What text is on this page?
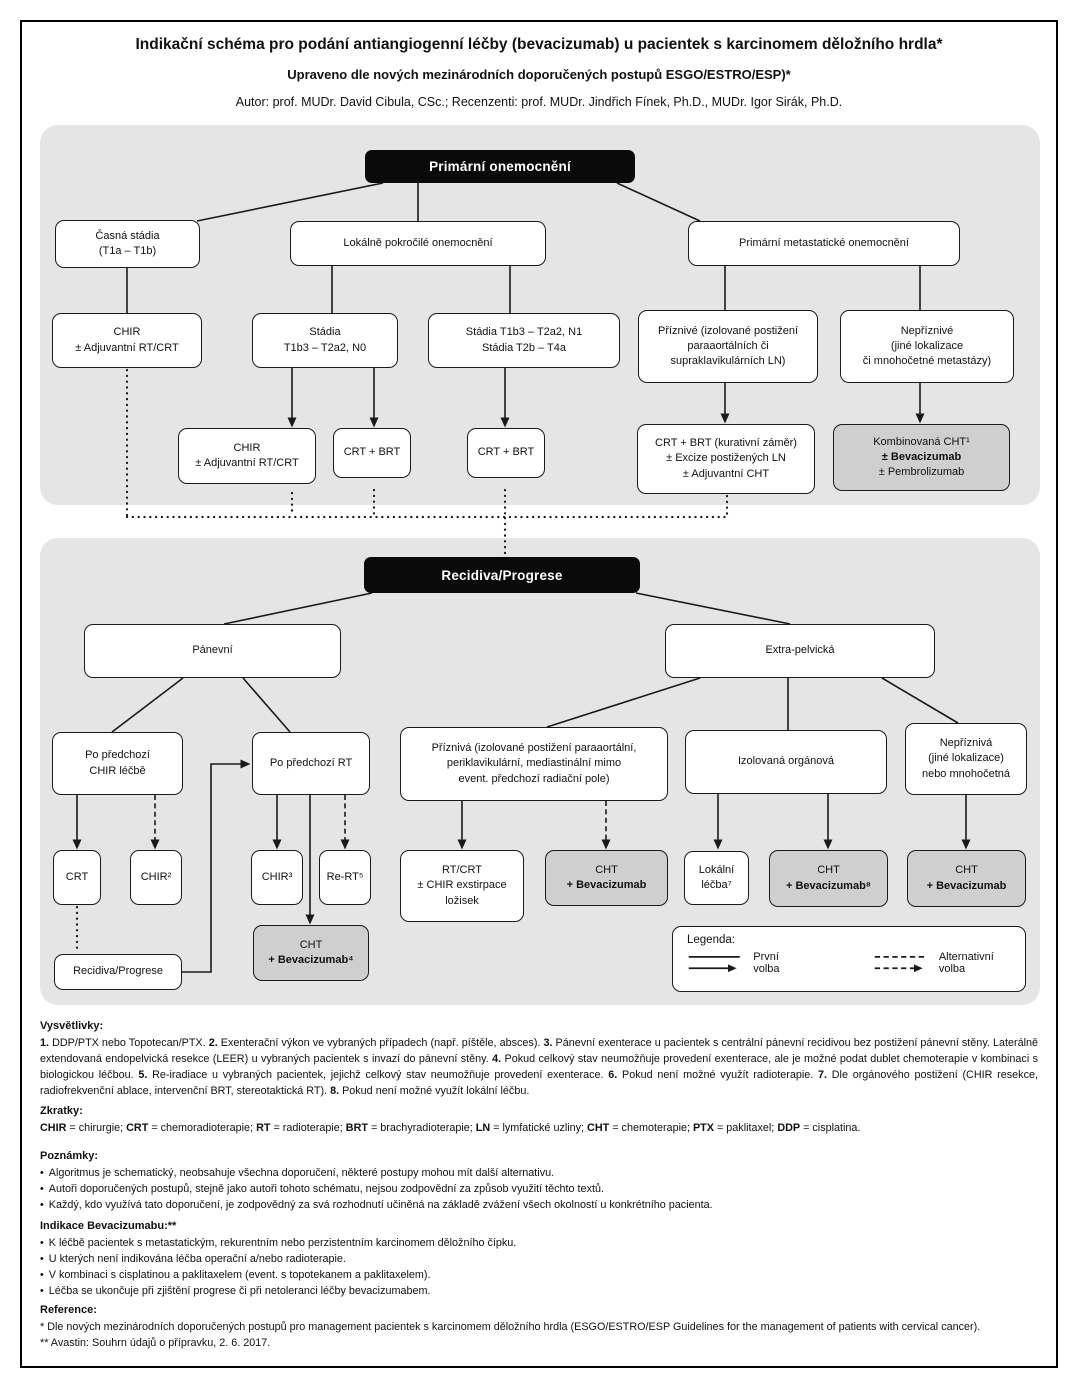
Indikační schéma pro podání antiangiogenní léčby (bevacizumab) u pacientek s karcinomem děložního hrdla*
Upraveno dle nových mezinárodních doporučených postupů ESGO/ESTRO/ESP)*
Autor: prof. MUDr. David Cibula, CSc.; Recenzenti: prof. MUDr. Jindřich Fínek, Ph.D., MUDr. Igor Sirák, Ph.D.
Primární onemocnění
Časná stádia
(T1a – T1b)
Lokálně pokročilé onemocnění	Primární metastatické onemocnění
CHIR
± Adjuvantní RT/CRT
Stádia
T1b3 – T2a2, N0
Stádia T1b3 – T2a2, N1
Stádia T2b – T4a
Příznivé (izolované postižení
paraaortálních či
supraklavikulárních LN)
Nepříznivé
(jiné lokalizace
či mnohočetné metastázy)
CHIR
± Adjuvantní RT/CRT
CRT + BRT	CRT + BRT
CRT + BRT (kurativní záměr)
± Excize postižených LN
± Adjuvantní CHT
Kombinovaná CHT¹
± Bevacizumab
± Pembrolizumab
Recidiva/Progrese
Pánevní	Extra-pelvická
Po předchozí
CHIR léčbě
Po předchozí RT
Příznivá (izolované postižení paraaortální,
periklavikulární, mediastinální mimo
event. předchozí radiační pole)
Izolovaná orgánová
Nepříznivá
(jiné lokalizace)
nebo mnohočetná
CRT	CHIR²	CHIR³	Re-RT⁵
CHT
+ Bevacizumab⁴
RT/CRT
± CHIR exstirpace
ložisek
CHT
+ Bevacizumab
Lokální
léčba⁷
CHT
+ Bevacizumab⁸
CHT
+ Bevacizumab
Recidiva/Progrese
Legenda:
První volba
Alternativní volba
Vysvětlivky:

1. DDP/PTX nebo Topotecan/PTX. 2. Exenterační výkon ve vybraných případech (např. píštěle, absces). 3. Pánevní exenterace u pacientek s centrální pánevní recidivou bez postižení pánevní stěny. Laterálně extendovaná endopelvická resekce (LEER) u vybraných pacientek s invazí do pánevní stěny. 4. Pokud celkový stav neumožňuje provedení exenterace, ale je možné podat dublet chemoterapie v kombinaci s biologickou léčbou. 5. Re-iradiace u vybraných pacientek, jejichž celkový stav neumožňuje provedení exenterace. 6. Pokud není možné využít radioterapie. 7. Dle orgánového postižení (CHIR resekce, radiofrekvenční ablace, intervenční BRT, stereotaktická RT). 8. Pokud není možné využít lokální léčbu.

Zkratky:

CHIR = chirurgie; CRT = chemoradioterapie; RT = radioterapie; BRT = brachyradioterapie; LN = lymfatické uzliny; CHT = chemoterapie; PTX = paklitaxel; DDP = cisplatina.

Poznámky:
• Algoritmus je schematický, neobsahuje všechna doporučení, některé postupy mohou mít další alternativu.
• Autoři doporučených postupů, stejně jako autoři tohoto schématu, nejsou zodpovědní za způsob využití těchto textů.
• Každý, kdo využívá tato doporučení, je zodpovědný za svá rozhodnutí učiněná na základě zvážení všech okolností u konkrétního pacienta.
Indikace Bevacizumabu:**
• K léčbě pacientek s metastatickým, rekurentním nebo perzistentním karcinomem děložního čípku.
• U kterých není indikována léčba operační a/nebo radioterapie.
• V kombinaci s cisplatinou a paklitaxelem (event. s topotekanem a paklitaxelem).
• Léčba se ukončuje při zjištění progrese či při netoleranci léčby bevacizumabem.
Reference:
* Dle nových mezinárodních doporučených postupů pro management pacientek s karcinomem děložního hrdla (ESGO/ESTRO/ESP Guidelines for the management of patients with cervical cancer).
** Avastin: Souhrn údajů o přípravku, 2. 6. 2017.
